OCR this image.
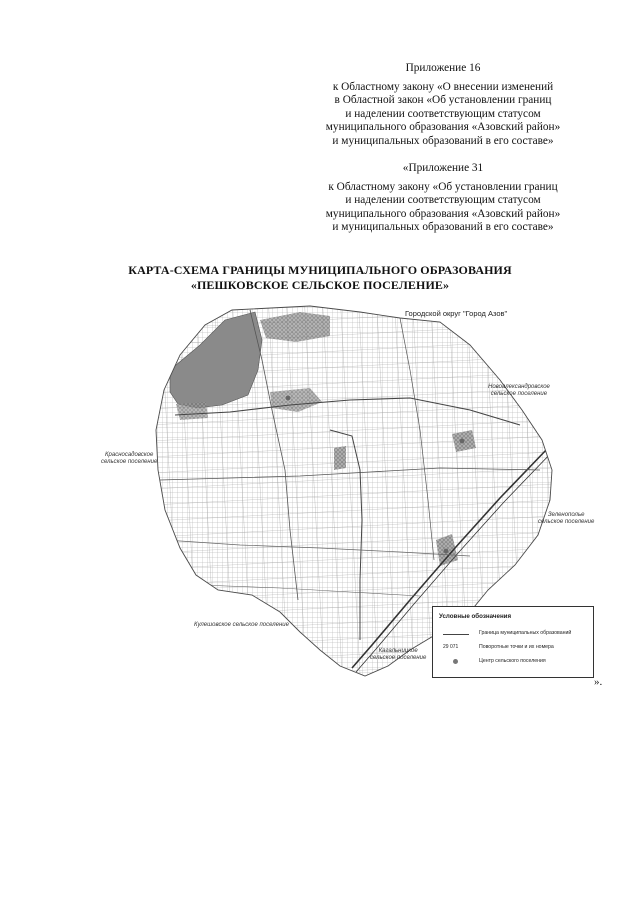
Приложение 16
к Областному закону «О внесении изменений
в Областной закон «Об установлении границ
и наделении соответствующим статусом
муниципального образования «Азовский район»
и муниципальных образований в его составе»
«Приложение 31
к Областному закону «Об установлении границ
и наделении соответствующим статусом
муниципального образования «Азовский район»
и муниципальных образований в его составе»
КАРТА-СХЕМА ГРАНИЦЫ МУНИЦИПАЛЬНОГО ОБРАЗОВАНИЯ
«ПЕШКОВСКОЕ СЕЛЬСКОЕ ПОСЕЛЕНИЕ»
Городской округ "Город Азов"
Новоалександровское
сельское поселение
Красносадовское
сельское поселение
Зеленополье
сельское поселение
Кулешовское сельское поселение
Кагальницкое
сельское поселение
Условные обозначения
Граница муниципальных образований
29 071	Поворотные точки и их номера
Центр сельского поселения
».
